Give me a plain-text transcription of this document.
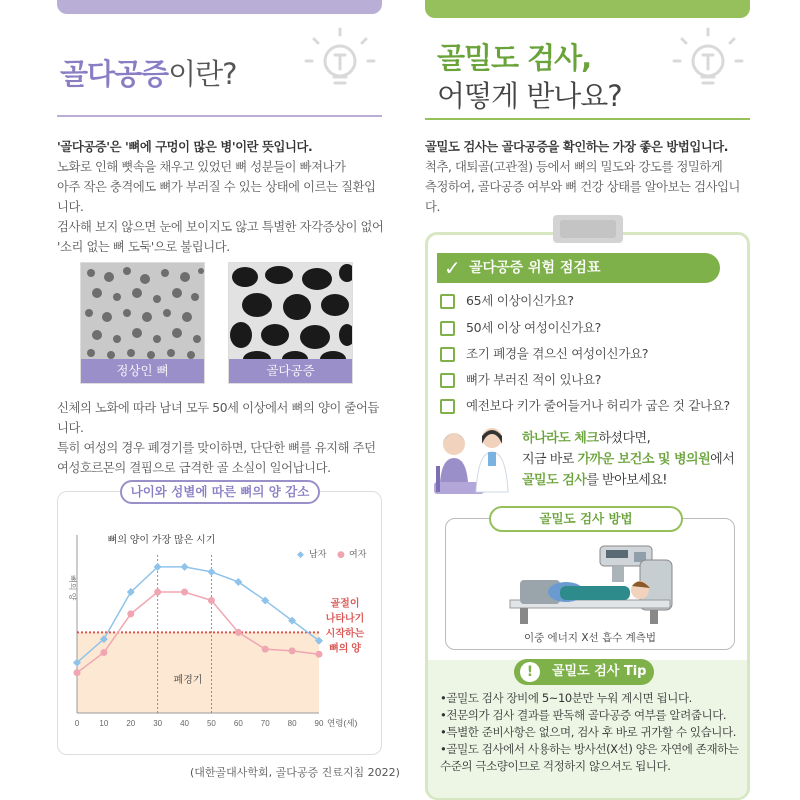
골다공증이란?
'골다공증'은 '뼈에 구멍이 많은 병'이란 뜻입니다.
노화로 인해 뼛속을 채우고 있었던 뼈 성분들이 빠져나가
아주 작은 충격에도 뼈가 부러질 수 있는 상태에 이르는 질환입니다.
검사해 보지 않으면 눈에 보이지도 않고 특별한 자각증상이 없어
'소리 없는 뼈 도둑'으로 불립니다.
정상인 뼈	골다공증
신체의 노화에 따라 남녀 모두 50세 이상에서 뼈의 양이 줄어듭니다.
특히 여성의 경우 폐경기를 맞이하면, 단단한 뼈를 유지해 주던
여성호르몬의 결핍으로 급격한 골 소실이 일어납니다.
나이와 성별에 따른 뼈의 양 감소
뼈의 양이 가장 많은 시기
뼈의 양
연령(세)
폐경기
◆ 남자 ● 여자
0	10 20 30 40 50 60 70 80 90
골절이
나타나기
시작하는
뼈의 양
(대한골대사학회, 골다공증 진료지침 2022)
골밀도 검사,
어떻게 받나요?
골밀도 검사는 골다공증을 확인하는 가장 좋은 방법입니다.
척추, 대퇴골(고관절) 등에서 뼈의 밀도와 강도를 정밀하게
측정하여, 골다공증 여부와 뼈 건강 상태를 알아보는 검사입니다.
골다공증 위험 점검표
✓
65세 이상이신가요?
50세 이상 여성이신가요?
조기 폐경을 겪으신 여성이신가요?
뼈가 부러진 적이 있나요?
예전보다 키가 줄어들거나 허리가 굽은 것 같나요?
하나라도 체크하셨다면,
지금 바로 가까운 보건소 및 병의원에서
골밀도 검사를 받아보세요!
골밀도 검사 방법
이중 에너지 X선 흡수 계측법
골밀도 검사 Tip
!
•골밀도 검사 장비에 5~10분만 누워 계시면 됩니다.
•전문의가 검사 결과를 판독해 골다공증 여부를 알려줍니다.
•특별한 준비사항은 없으며, 검사 후 바로 귀가할 수 있습니다.
•골밀도 검사에서 사용하는 방사선(X선) 양은 자연에 존재하는
수준의 극소량이므로 걱정하지 않으셔도 됩니다.
